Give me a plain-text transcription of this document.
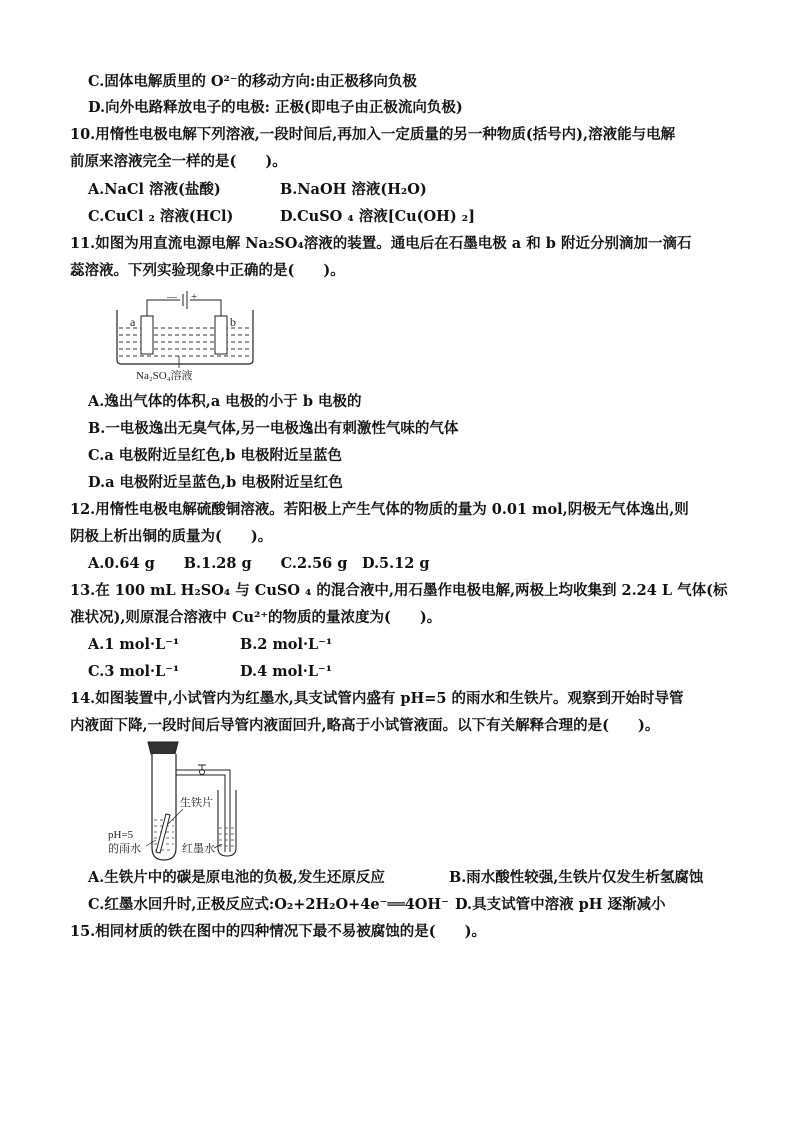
C.固体电解质里的 O²⁻的移动方向:由正极移向负极
D.向外电路释放电子的电极: 正极(即电子由正极流向负极)
10.用惰性电极电解下列溶液,一段时间后,再加入一定质量的另一种物质(括号内),溶液能与电解
前原来溶液完全一样的是(　　)。
A.NaCl 溶液(盐酸)	B.NaOH 溶液(H₂O)
C.CuCl ₂ 溶液(HCl)	D.CuSO ₄ 溶液[Cu(OH) ₂]
11.如图为用直流电源电解 Na₂SO₄溶液的装置。通电后在石墨电极 a 和 b 附近分别滴加一滴石
蕊溶液。下列实验现象中正确的是(　　)。
— +
a	b
Na₂SO₄溶液
A.逸出气体的体积,a 电极的小于 b 电极的
B.一电极逸出无臭气体,另一电极逸出有刺激性气味的气体
C.a 电极附近呈红色,b 电极附近呈蓝色
D.a 电极附近呈蓝色,b 电极附近呈红色
12.用惰性电极电解硫酸铜溶液。若阳极上产生气体的物质的量为 0.01 mol,阴极无气体逸出,则
阴极上析出铜的质量为(　　)。
A.0.64 g　　B.1.28 g　　C.2.56 g　D.5.12 g
13.在 100 mL H₂SO₄ 与 CuSO ₄ 的混合液中,用石墨作电极电解,两极上均收集到 2.24 L 气体(标
准状况),则原混合溶液中 Cu²⁺的物质的量浓度为(　　)。
A.1 mol·L⁻¹	B.2 mol·L⁻¹
C.3 mol·L⁻¹	D.4 mol·L⁻¹
14.如图装置中,小试管内为红墨水,具支试管内盛有 pH=5 的雨水和生铁片。观察到开始时导管
内液面下降,一段时间后导管内液面回升,略高于小试管液面。以下有关解释合理的是(　　)。
生铁片
pH=5
的雨水	红墨水
A.生铁片中的碳是原电池的负极,发生还原反应	B.雨水酸性较强,生铁片仅发生析氢腐蚀
C.红墨水回升时,正极反应式:O₂+2H₂O+4e⁻══4OH⁻ D.具支试管中溶液 pH 逐渐减小
15.相同材质的铁在图中的四种情况下最不易被腐蚀的是(　　)。
